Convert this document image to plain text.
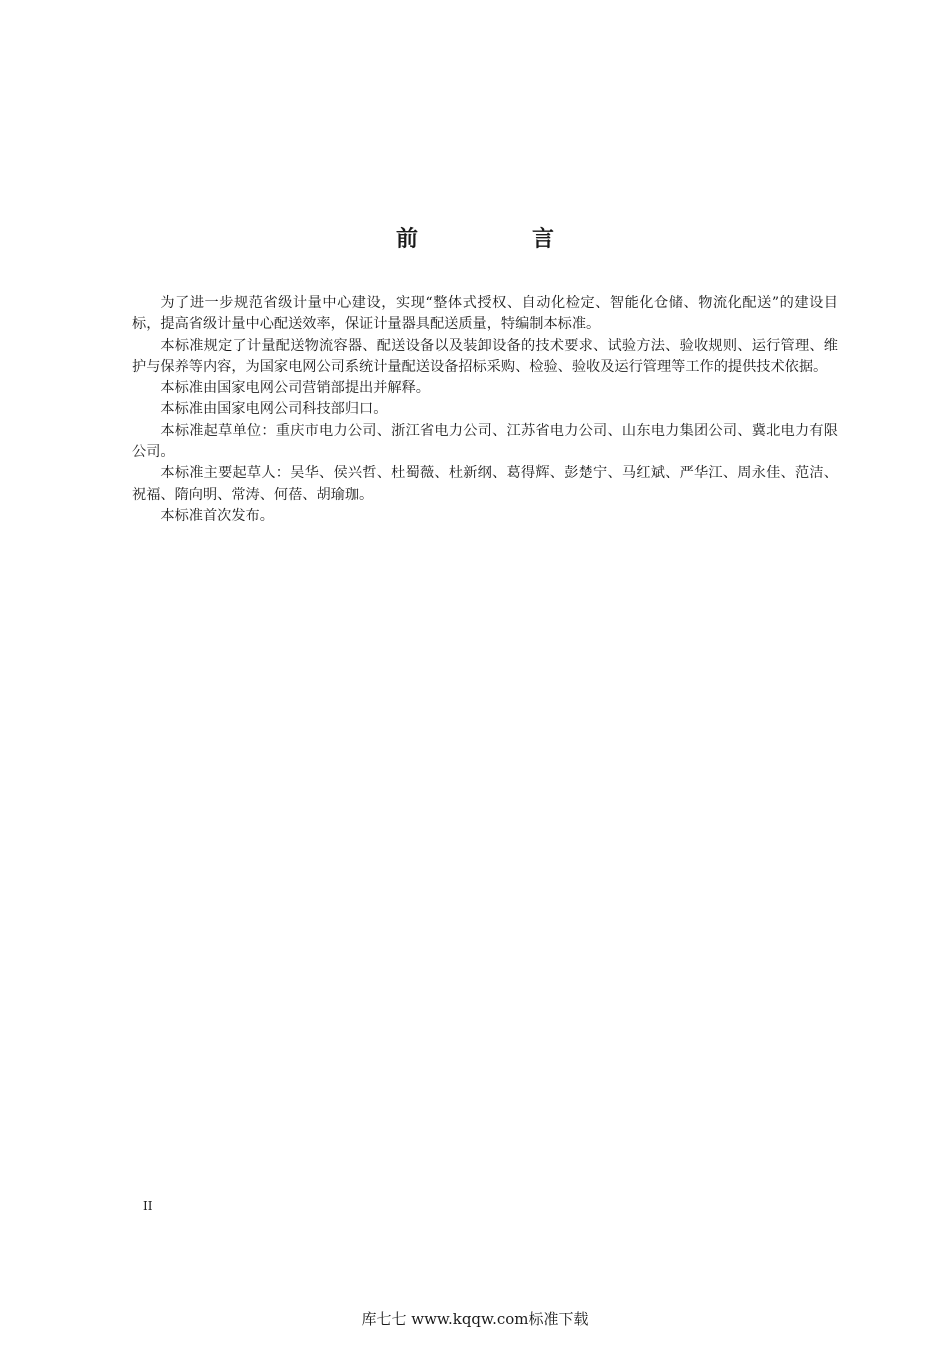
前　言

为了进一步规范省级计量中心建设，实现“整体式授权、自动化检定、智能化仓储、物流化配送”的建设目标，提高省级计量中心配送效率，保证计量器具配送质量，特编制本标准。

本标准规定了计量配送物流容器、配送设备以及装卸设备的技术要求、试验方法、验收规则、运行管理、维护与保养等内容，为国家电网公司系统计量配送设备招标采购、检验、验收及运行管理等工作的提供技术依据。

本标准由国家电网公司营销部提出并解释。

本标准由国家电网公司科技部归口。

本标准起草单位：重庆市电力公司、浙江省电力公司、江苏省电力公司、山东电力集团公司、冀北电力有限公司。

本标准主要起草人：吴华、侯兴哲、杜蜀薇、杜新纲、葛得辉、彭楚宁、马红斌、严华江、周永佳、范洁、祝福、隋向明、常涛、何蓓、胡瑜珈。

本标准首次发布。

II
库七七 www.kqqw.com标准下载
